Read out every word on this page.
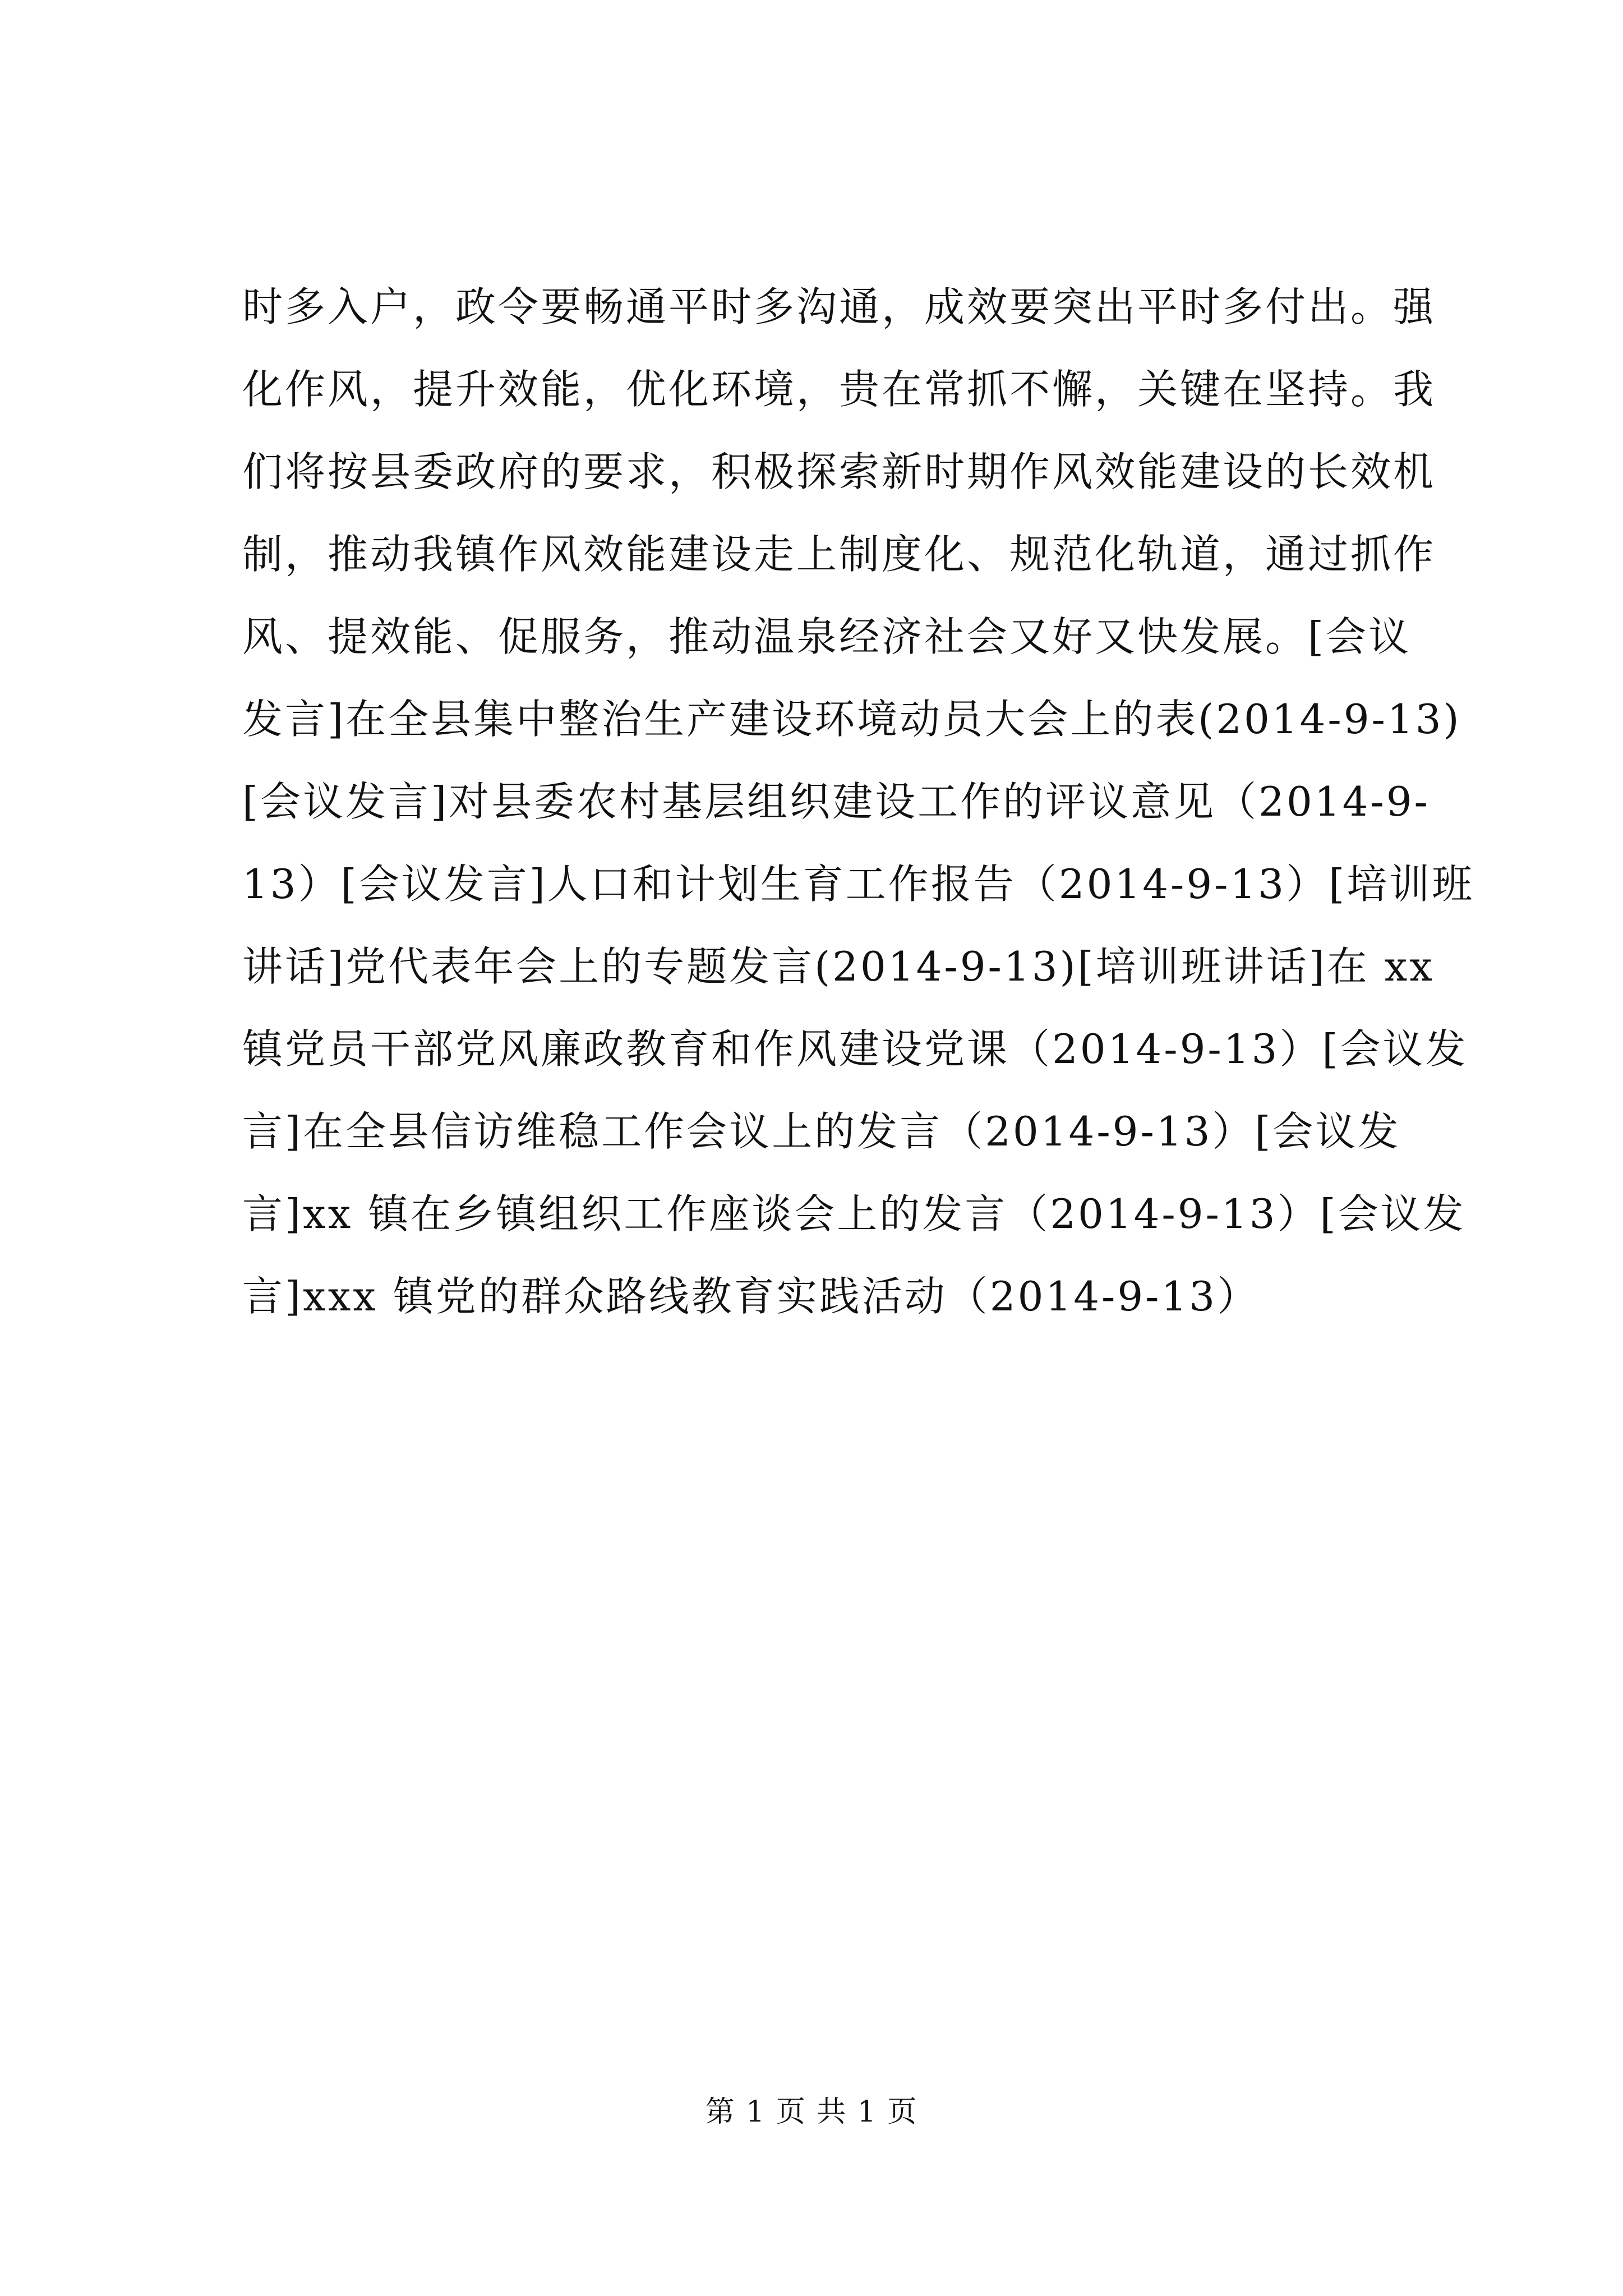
时多入户，政令要畅通平时多沟通，成效要突出平时多付出。强
化作风，提升效能，优化环境，贵在常抓不懈，关键在坚持。我
们将按县委政府的要求，积极探索新时期作风效能建设的长效机
制，推动我镇作风效能建设走上制度化、规范化轨道，通过抓作
风、提效能、促服务，推动温泉经济社会又好又快发展。[会议
发言]在全县集中整治生产建设环境动员大会上的表(2014-9-13)
[会议发言]对县委农村基层组织建设工作的评议意见（2014-9-
13）[会议发言]人口和计划生育工作报告（2014-9-13）[培训班
讲话]党代表年会上的专题发言(2014-9-13)[培训班讲话]在 xx
镇党员干部党风廉政教育和作风建设党课（2014-9-13）[会议发
言]在全县信访维稳工作会议上的发言（2014-9-13）[会议发
言]xx 镇在乡镇组织工作座谈会上的发言（2014-9-13）[会议发
言]xxx 镇党的群众路线教育实践活动（2014-9-13）
第 1 页 共 1 页
